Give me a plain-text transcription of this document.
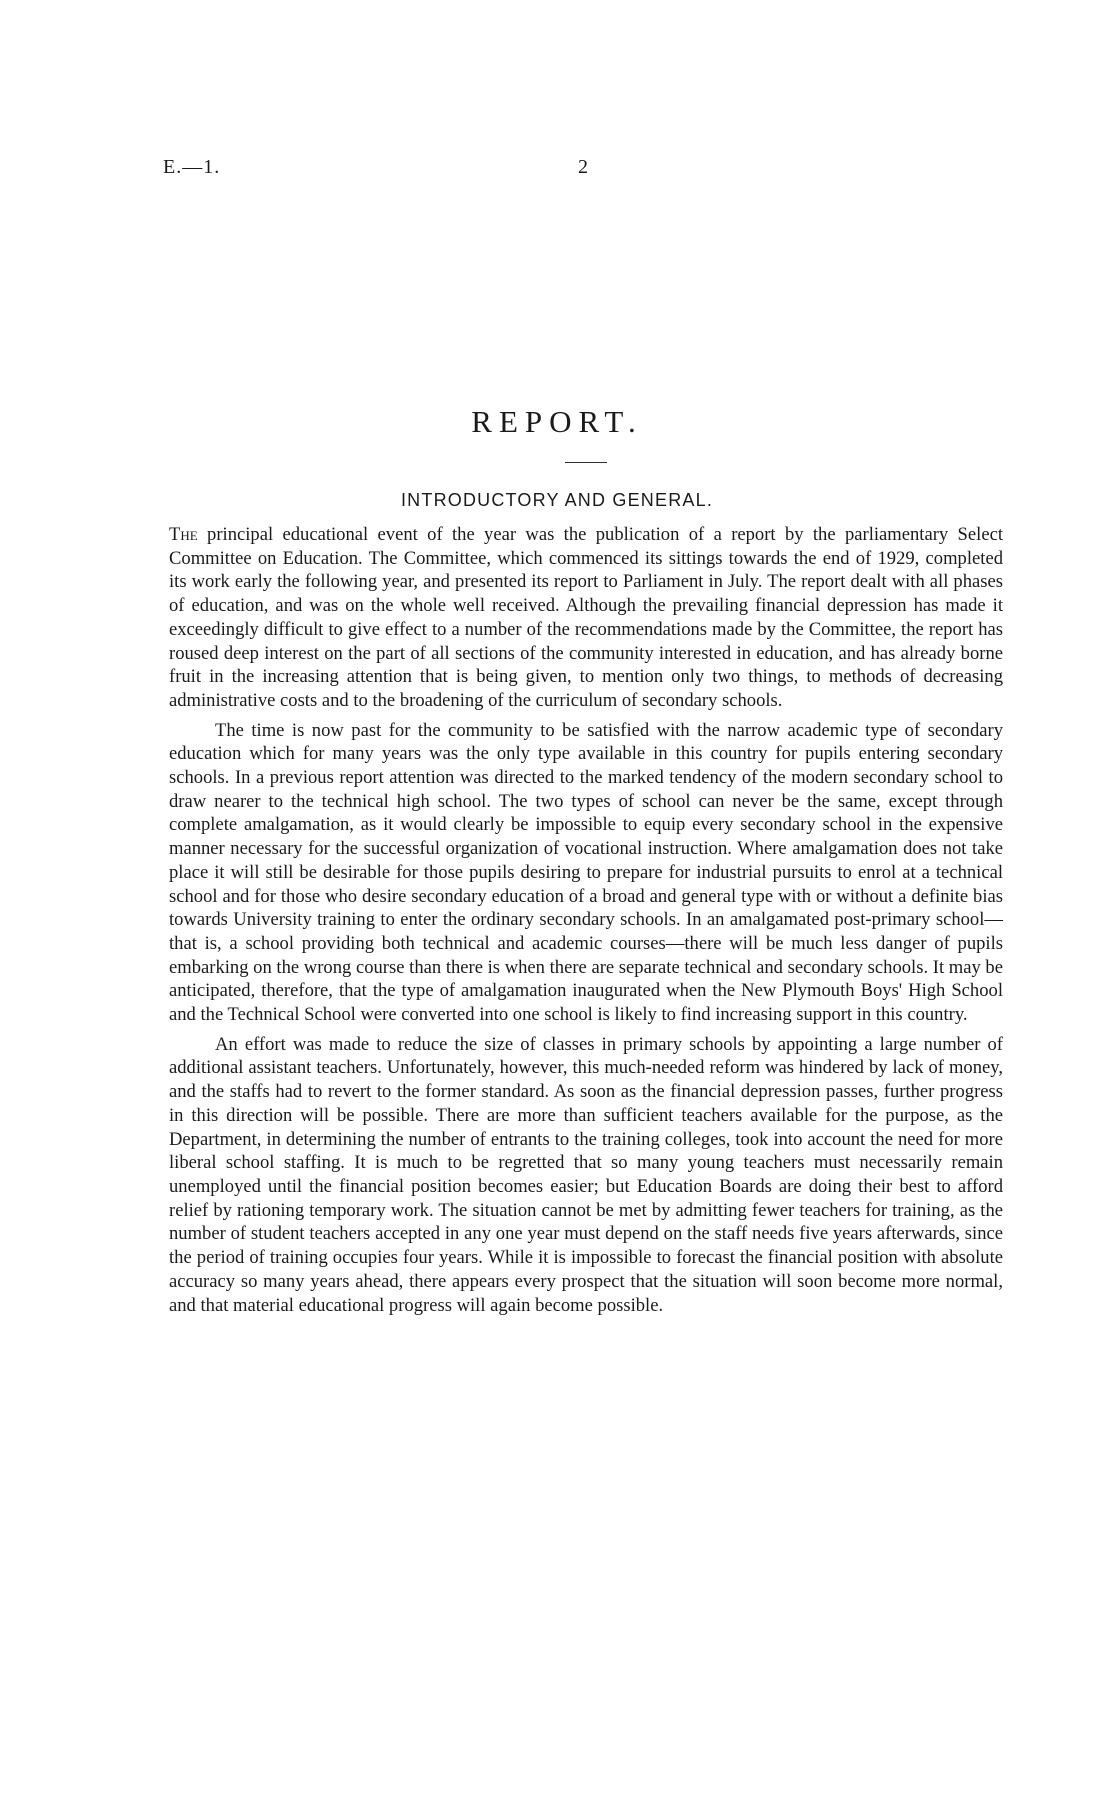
E.—1.	2
REPORT.
INTRODUCTORY AND GENERAL.

The principal educational event of the year was the publication of a report by the parliamentary Select Committee on Education. The Committee, which commenced its sittings towards the end of 1929, completed its work early the following year, and presented its report to Parliament in July. The report dealt with all phases of education, and was on the whole well received. Although the prevailing financial depression has made it exceedingly difficult to give effect to a number of the recommendations made by the Committee, the report has roused deep interest on the part of all sections of the community interested in education, and has already borne fruit in the increasing attention that is being given, to mention only two things, to methods of decreasing administrative costs and to the broadening of the curriculum of secondary schools.

The time is now past for the community to be satisfied with the narrow academic type of secondary education which for many years was the only type available in this country for pupils entering secondary schools. In a previous report attention was directed to the marked tendency of the modern secondary school to draw nearer to the technical high school. The two types of school can never be the same, except through complete amalgamation, as it would clearly be impossible to equip every secondary school in the expensive manner necessary for the successful organization of vocational instruction. Where amalgamation does not take place it will still be desirable for those pupils desiring to prepare for industrial pursuits to enrol at a technical school and for those who desire secondary education of a broad and general type with or without a definite bias towards University training to enter the ordinary secondary schools. In an amalgamated post-primary school—that is, a school providing both technical and academic courses—there will be much less danger of pupils embarking on the wrong course than there is when there are separate technical and secondary schools. It may be anticipated, therefore, that the type of amalgamation inaugurated when the New Plymouth Boys' High School and the Technical School were converted into one school is likely to find increasing support in this country.

An effort was made to reduce the size of classes in primary schools by appointing a large number of additional assistant teachers. Unfortunately, however, this much-needed reform was hindered by lack of money, and the staffs had to revert to the former standard. As soon as the financial depression passes, further progress in this direction will be possible. There are more than sufficient teachers available for the purpose, as the Department, in determining the number of entrants to the training colleges, took into account the need for more liberal school staffing. It is much to be regretted that so many young teachers must necessarily remain unemployed until the financial position becomes easier; but Education Boards are doing their best to afford relief by rationing temporary work. The situation cannot be met by admitting fewer teachers for training, as the number of student teachers accepted in any one year must depend on the staff needs five years afterwards, since the period of training occupies four years. While it is impossible to forecast the financial position with absolute accuracy so many years ahead, there appears every prospect that the situation will soon become more normal, and that material educational progress will again become possible.
